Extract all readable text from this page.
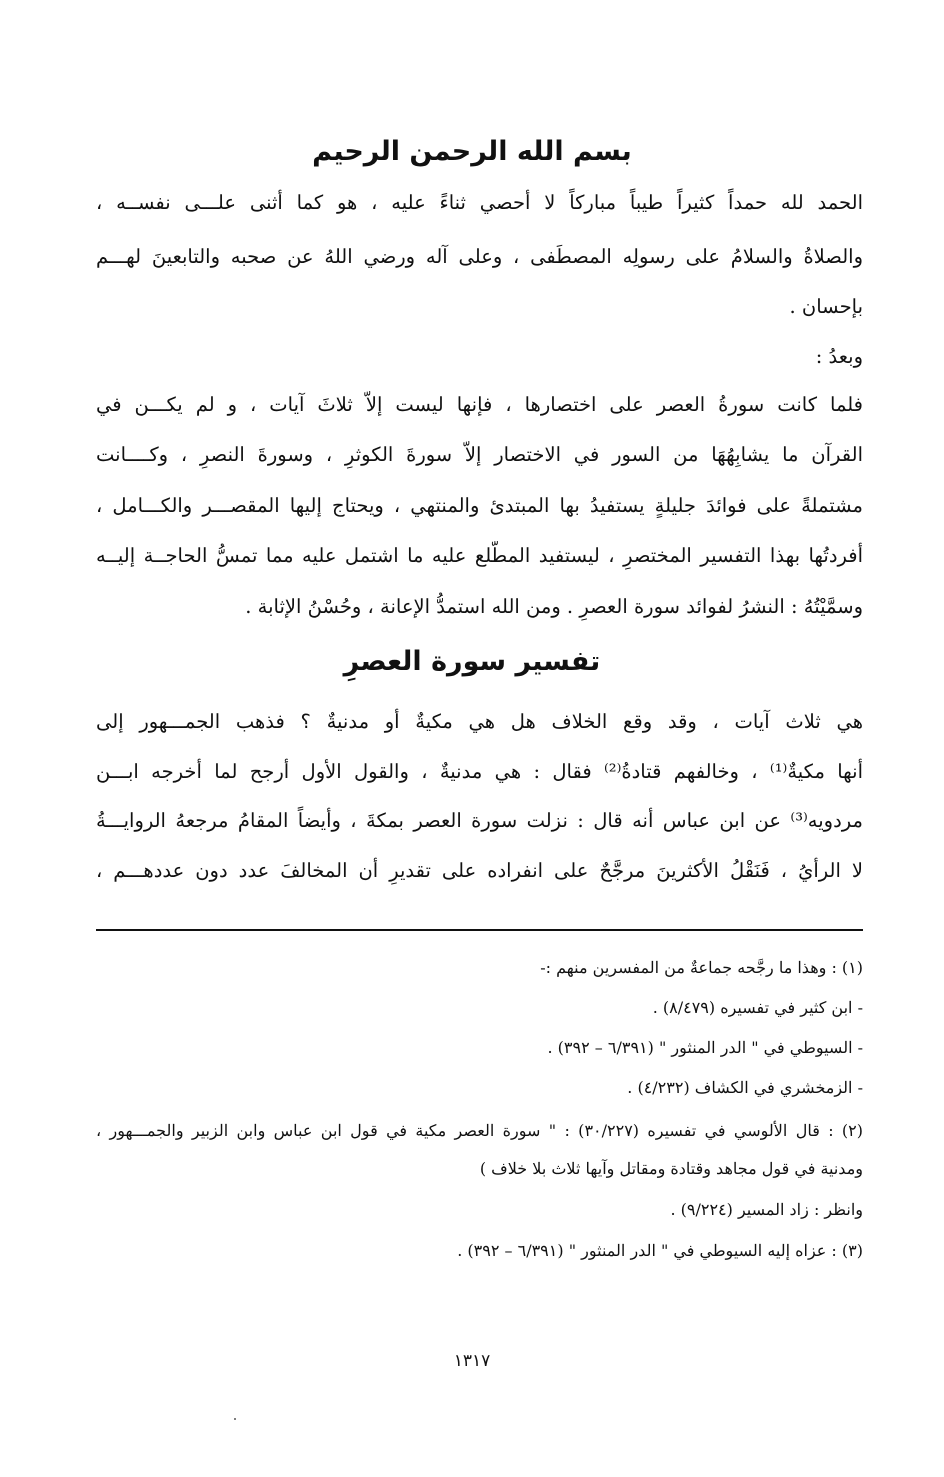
بسم الله الرحمن الرحيم
الحمد لله حمداً كثيراً طيباً مباركاً لا أحصي ثناءً عليه ، هو كما أثنى علـــى نفســه ،
والصلاةُ والسلامُ على رسولِه المصطَفى ، وعلى آله ورضي اللهُ عن صحبه والتابعينَ لهـــم
بإحسان .
وبعدُ :
فلما كانت سورةُ العصر على اختصارها ، فإنها ليست إلاّ ثلاثَ آيات ، و لم يكـــن في
القرآن ما يشابِهُهَا من السور في الاختصار إلاّ سورةَ الكوثرِ ، وسورةَ النصرِ ، وكــــانت
مشتملةً على فوائدَ جليلةٍ يستفيدُ بها المبتدئ والمنتهي ، ويحتاج إليها المقصـــر والكـــامل ،
أفردتُها بهذا التفسير المختصرِ ، ليستفيد المطّلع عليه ما اشتمل عليه مما تمسُّ الحاجــة إليــه
وسمَّيْتُهُ : النشرُ لفوائد سورة العصرِ . ومن الله استمدُّ الإعانة ، وحُسْنُ الإثابة .
تفسير سورة العصرِ
هي ثلاث آيات ، وقد وقع الخلاف هل هي مكيةٌ أو مدنيةٌ ؟ فذهب الجمـــهور إلى
أنها مكيةٌ⁽¹⁾ ، وخالفهم قتادةُ⁽²⁾ فقال : هي مدنيةٌ ، والقول الأول أرجح لما أخرجه ابـــن
مردويه⁽³⁾ عن ابن عباس أنه قال : نزلت سورة العصر بمكةَ ، وأيضاً المقامُ مرجعهُ الروايـــةُ
لا الرأيُ ، فَنَقْلُ الأكثرينَ مرجَّحٌ على انفراده على تقديرِ أن المخالفَ عدد دون عددهـــم ،
(١) : وهذا ما رجَّحه جماعةٌ من المفسرين منهم :-
- ابن كثير في تفسيره (٨/٤٧٩) .
- السيوطي في " الدر المنثور " (٦/٣٩١ – ٣٩٢) .
- الزمخشري في الكشاف (٤/٢٣٢) .
(٢) : قال الألوسي في تفسيره (٣٠/٢٢٧) : " سورة العصر مكية في قول ابن عباس وابن الزبير والجمـــهور ،
ومدنية في قول مجاهد وقتادة ومقاتل وآيها ثلاث بلا خلاف )
وانظر : زاد المسير (٩/٢٢٤) .
(٣) : عزاه إليه السيوطي في " الدر المنثور " (٦/٣٩١ – ٣٩٢) .
١٣١٧
